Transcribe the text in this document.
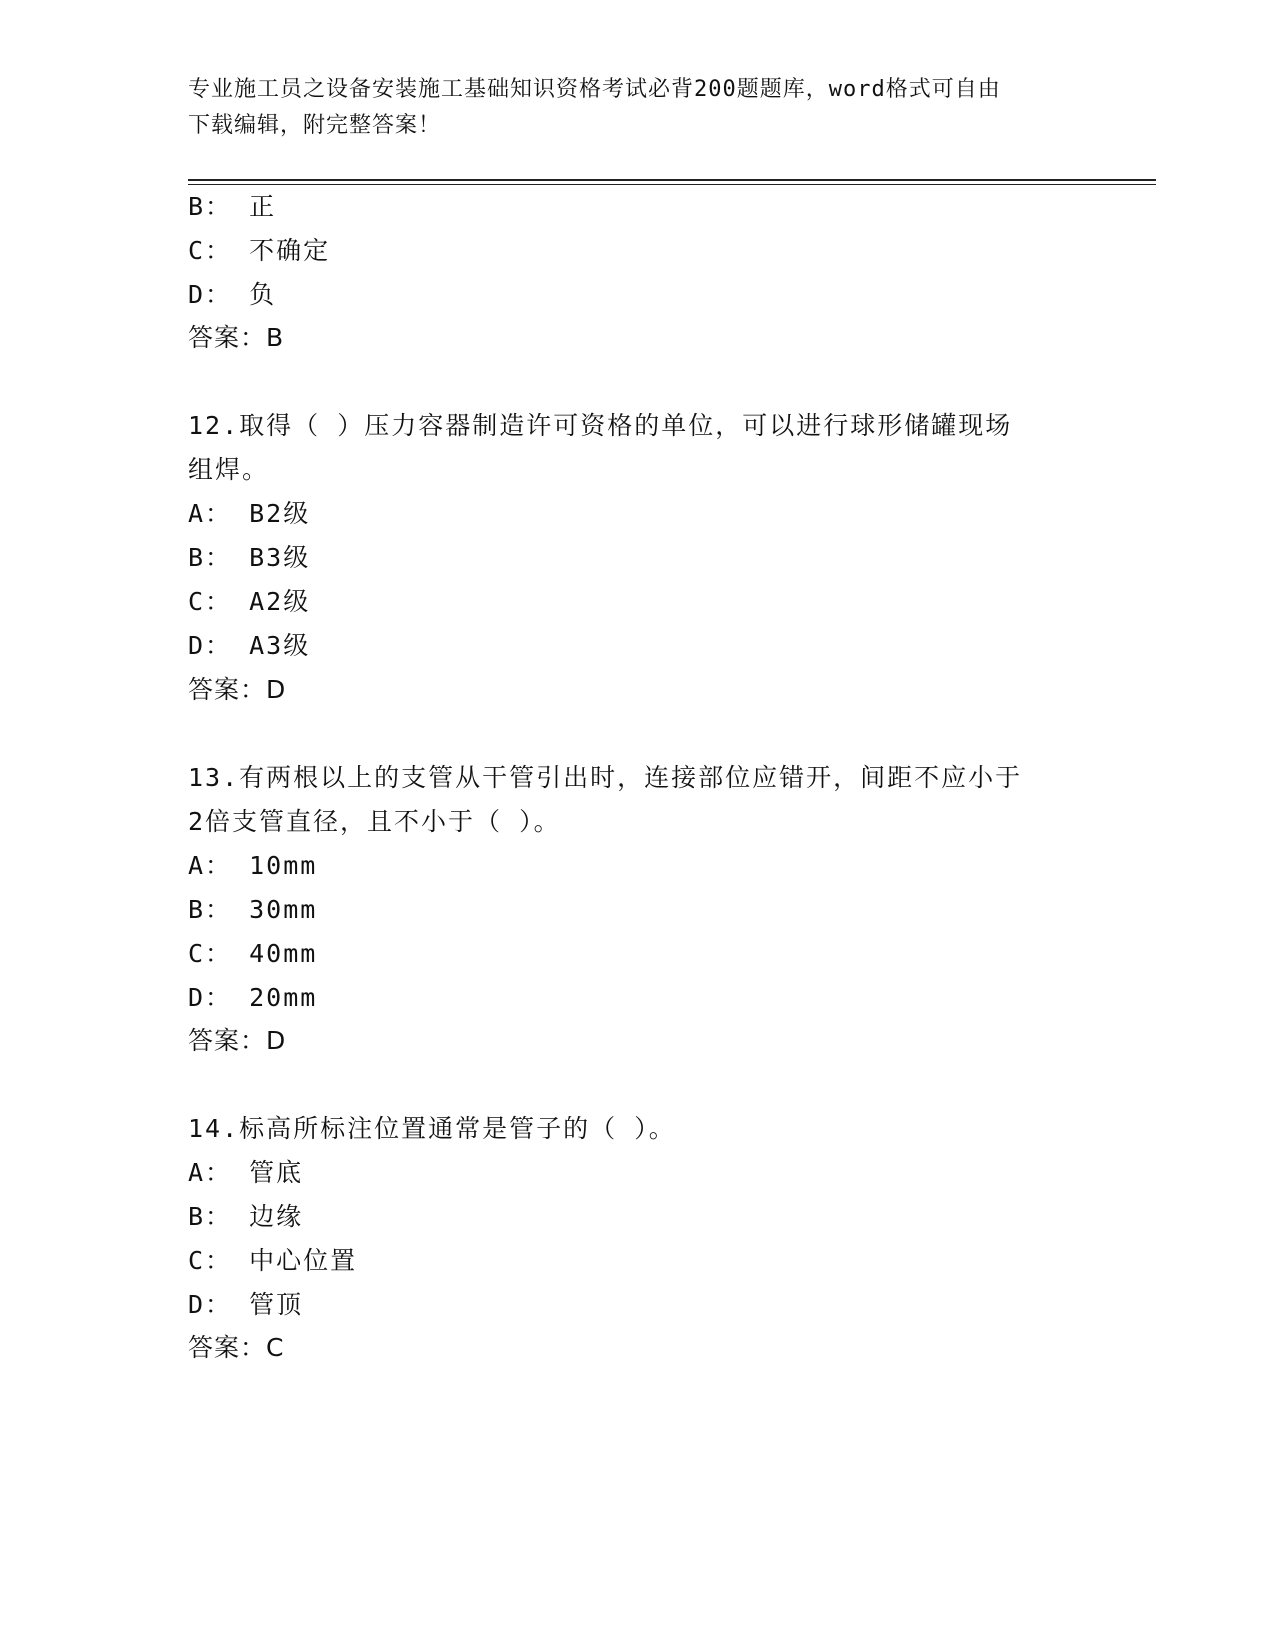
专业施工员之设备安装施工基础知识资格考试必背200题题库，word格式可自由
下载编辑，附完整答案！
B： 正
C： 不确定
D： 负
答案：B
12.取得（ ）压力容器制造许可资格的单位，可以进行球形储罐现场
组焊。
A： B2级
B： B3级
C： A2级
D： A3级
答案：D
13.有两根以上的支管从干管引出时，连接部位应错开，间距不应小于
2倍支管直径，且不小于（ ）。
A： 10mm
B： 30mm
C： 40mm
D： 20mm
答案：D
14.标高所标注位置通常是管子的（ ）。
A： 管底
B： 边缘
C： 中心位置
D： 管顶
答案：C
